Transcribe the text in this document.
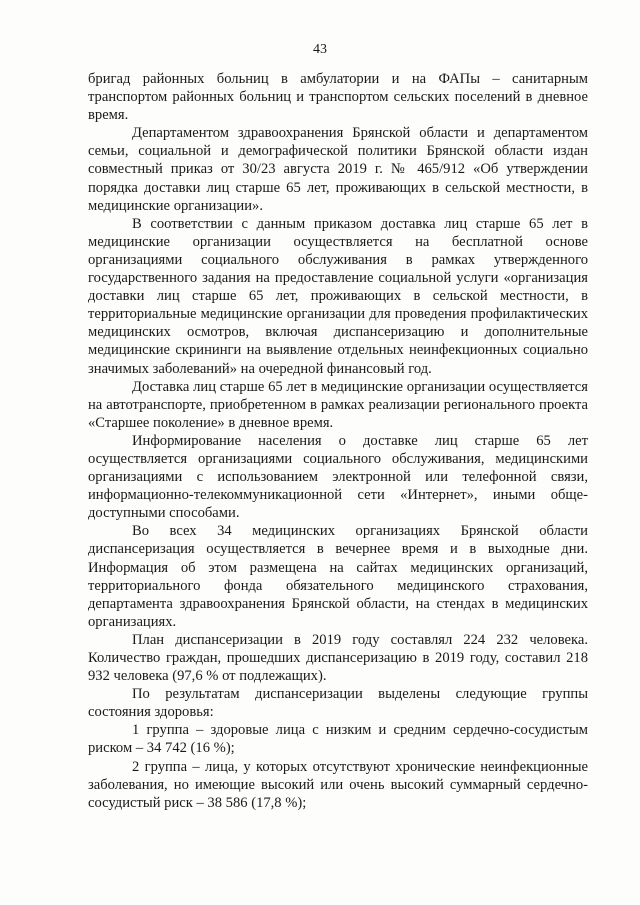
43

бригад районных больниц в амбулатории и на ФАПы – санитарным транспортом районных больниц и транспортом сельских поселений в дневное время.

Департаментом здравоохранения Брянской области и департаментом семьи, социальной и демографической политики Брянской области издан совместный приказ от 30/23 августа 2019 г. № 465/912 «Об утверждении порядка доставки лиц старше 65 лет, проживающих в сельской местности, в медицинские организации».

В соответствии с данным приказом доставка лиц старше 65 лет в медицинские организации осуществляется на бесплатной основе организациями социального обслуживания в рамках утвержденного государственного задания на предоставление социальной услуги «организация доставки лиц старше 65 лет, проживающих в сельской местности, в территориальные медицинские организации для проведения профилактических медицинских осмотров, включая диспансеризацию и дополнительные медицинские скрининги на выявление отдельных неинфекционных социально значимых заболеваний» на очередной финансовый год.

Доставка лиц старше 65 лет в медицинские организации осуществляется на автотранспорте, приобретенном в рамках реализации регионального проекта «Старшее поколение» в дневное время.

Информирование населения о доставке лиц старше 65 лет осуществляется организациями социального обслуживания, медицинскими организациями с использованием электронной или телефонной связи, информационно-телекоммуникационной сети «Интернет», иными обще-доступными способами.

Во всех 34 медицинских организациях Брянской области диспансеризация осуществляется в вечернее время и в выходные дни. Информация об этом размещена на сайтах медицинских организаций, территориального фонда обязательного медицинского страхования, департамента здравоохранения Брянской области, на стендах в медицинских организациях.

План диспансеризации в 2019 году составлял 224 232 человека. Количество граждан, прошедших диспансеризацию в 2019 году, составил 218 932 человека (97,6 % от подлежащих).

По результатам диспансеризации выделены следующие группы состояния здоровья:

1 группа – здоровые лица с низким и средним сердечно-сосудистым риском – 34 742 (16 %);

2 группа – лица, у которых отсутствуют хронические неинфекционные заболевания, но имеющие высокий или очень высокий суммарный сердечно- сосудистый риск – 38 586 (17,8 %);
